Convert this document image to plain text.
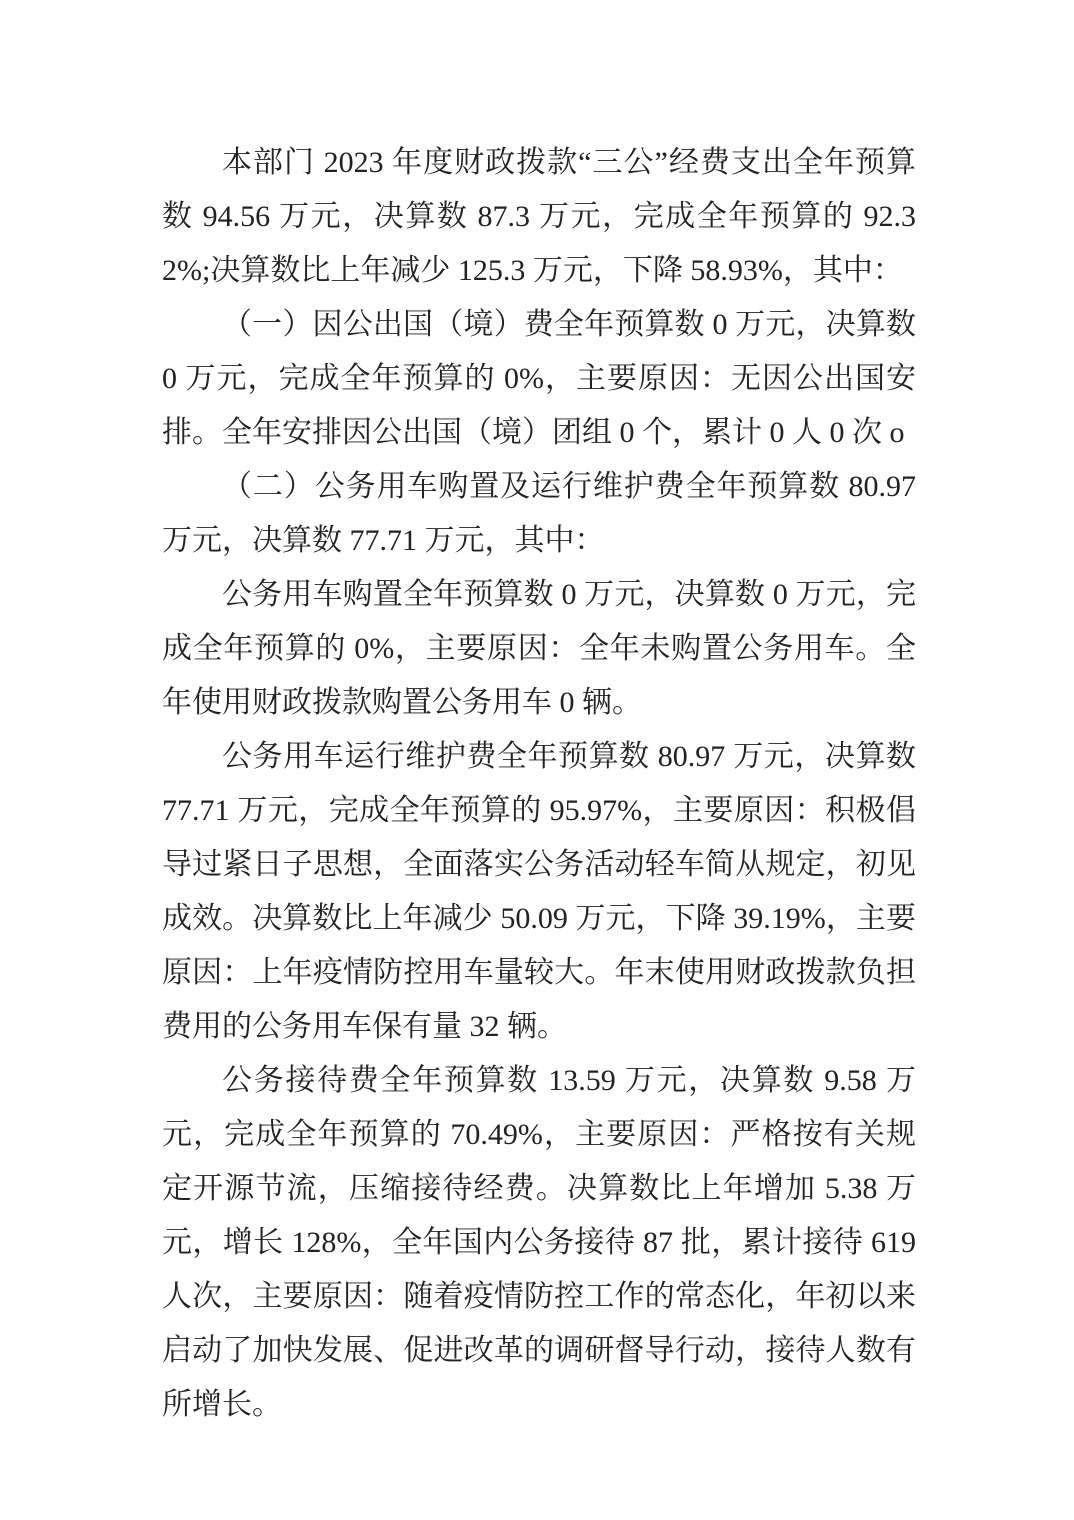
本部门 2023 年度财政拨款“三公”经费支出全年预算数 94.56 万元，决算数 87.3 万元，完成全年预算的 92.32%;决算数比上年减少 125.3 万元，下降 58.93%，其中：

（一）因公出国（境）费全年预算数 0 万元，决算数 0 万元，完成全年预算的 0%，主要原因：无因公出国安排。全年安排因公出国（境）团组 0 个，累计 0 人 0 次 o

（二）公务用车购置及运行维护费全年预算数 80.97 万元，决算数 77.71 万元，其中：

公务用车购置全年预算数 0 万元，决算数 0 万元，完成全年预算的 0%，主要原因：全年未购置公务用车。全年使用财政拨款购置公务用车 0 辆。

公务用车运行维护费全年预算数 80.97 万元，决算数 77.71 万元，完成全年预算的 95.97%，主要原因：积极倡导过紧日子思想，全面落实公务活动轻车简从规定，初见成效。决算数比上年减少 50.09 万元，下降 39.19%，主要原因：上年疫情防控用车量较大。年末使用财政拨款负担费用的公务用车保有量 32 辆。

公务接待费全年预算数 13.59 万元，决算数 9.58 万元，完成全年预算的 70.49%，主要原因：严格按有关规定开源节流，压缩接待经费。决算数比上年增加 5.38 万元，增长 128%，全年国内公务接待 87 批，累计接待 619 人次，主要原因：随着疫情防控工作的常态化，年初以来启动了加快发展、促进改革的调研督导行动，接待人数有所增长。
